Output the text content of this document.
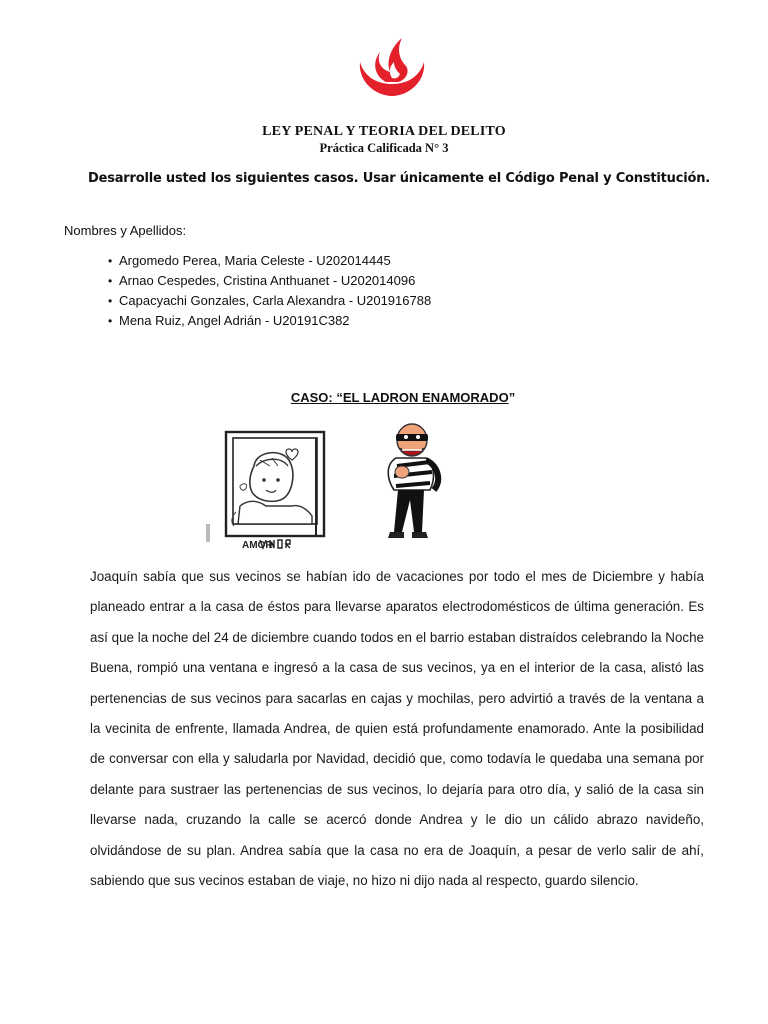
LEY PENAL Y TEORIA DEL DELITO
Práctica Calificada N° 3
Desarrolle usted los siguientes casos. Usar únicamente el Código Penal y Constitución.
Nombres y Apellidos:
• Argomedo Perea, Maria Celeste - U202014445
• Arnao Cespedes, Cristina Anthuanet - U202014096
• Capacyachi Gonzales, Carla Alexandra - U201916788
• Mena Ruiz, Angel Adrián - U20191C382
CASO: “EL LADRON ENAMORADO”
AMOR

Joaquín sabía que sus vecinos se habían ido de vacaciones por todo el mes de Diciembre y había planeado entrar a la casa de éstos para llevarse aparatos electrodomésticos de última generación. Es así que la noche del 24 de diciembre cuando todos en el barrio estaban distraídos celebrando la Noche Buena, rompió una ventana e ingresó a la casa de sus vecinos, ya en el interior de la casa, alistó las pertenencias de sus vecinos para sacarlas en cajas y mochilas, pero advirtió a través de la ventana a la vecinita de enfrente, llamada Andrea, de quien está profundamente enamorado. Ante la posibilidad de conversar con ella y saludarla por Navidad, decidió que, como todavía le quedaba una semana por delante para sustraer las pertenencias de sus vecinos, lo dejaría para otro día, y salió de la casa sin llevarse nada, cruzando la calle se acercó donde Andrea y le dio un cálido abrazo navideño, olvidándose de su plan. Andrea sabía que la casa no era de Joaquín, a pesar de verlo salir de ahí, sabiendo que sus vecinos estaban de viaje, no hizo ni dijo nada al respecto, guardo silencio.
